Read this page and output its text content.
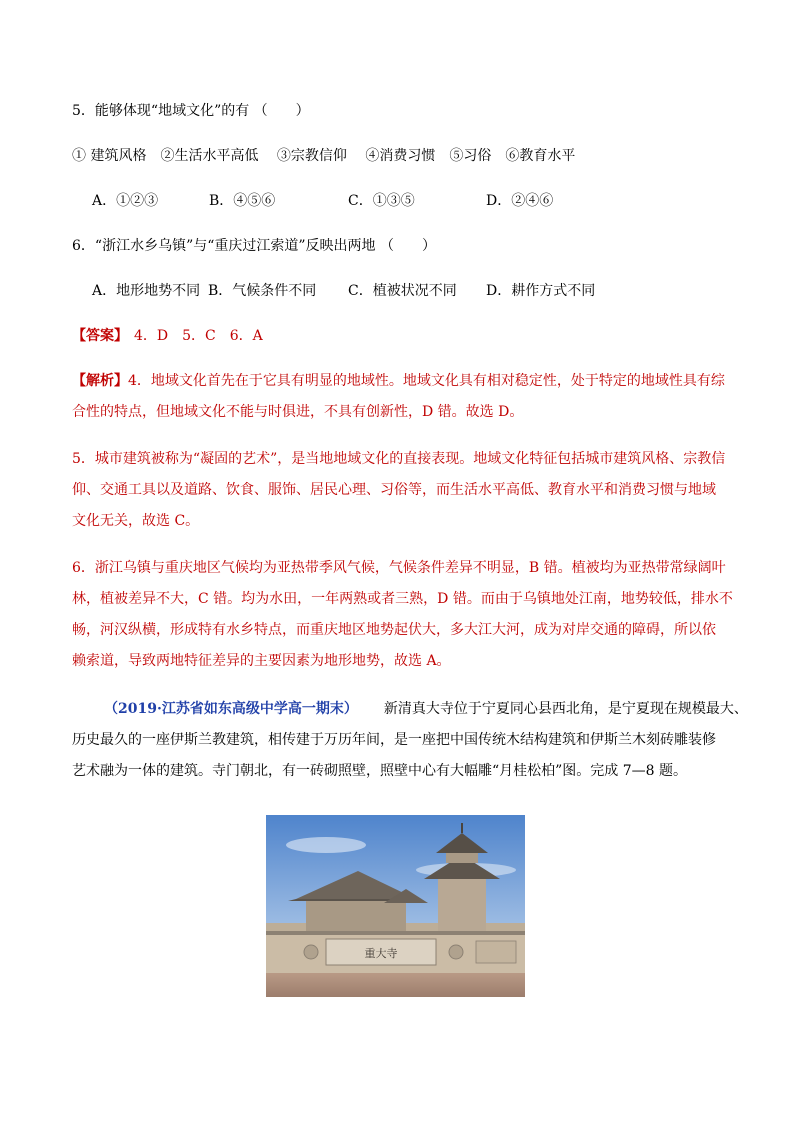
5．能够体现“地域文化”的有 （　　）
① 建筑风格　②生活水平高低　 ③宗教信仰　 ④消费习惯　⑤习俗　⑥教育水平
A．①②③	B．④⑤⑥	C．①③⑤	D．②④⑥
6．“浙江水乡乌镇”与“重庆过江索道”反映出两地 （　　）
A．地形地势不同 B．气候条件不同 C．植被状况不同 D．耕作方式不同
【答案】 4．D　5．C　6．A
【解析】4．地域文化首先在于它具有明显的地域性。地域文化具有相对稳定性，处于特定的地域性具有综
合性的特点，但地域文化不能与时俱进，不具有创新性，D 错。故选 D。
5．城市建筑被称为“凝固的艺术”，是当地地域文化的直接表现。地域文化特征包括城市建筑风格、宗教信
仰、交通工具以及道路、饮食、服饰、居民心理、习俗等，而生活水平高低、教育水平和消费习惯与地域
文化无关，故选 C。
6．浙江乌镇与重庆地区气候均为亚热带季风气候，气候条件差异不明显，B 错。植被均为亚热带常绿阔叶
林，植被差异不大，C 错。均为水田，一年两熟或者三熟，D 错。而由于乌镇地处江南，地势较低，排水不
畅，河汉纵横，形成特有水乡特点，而重庆地区地势起伏大，多大江大河，成为对岸交通的障碍，所以依
赖索道，导致两地特征差异的主要因素为地形地势，故选 A。
（2019·江苏省如东高级中学高一期末） 新清真大寺位于宁夏同心县西北角，是宁夏现在规模最大、
历史最久的一座伊斯兰教建筑，相传建于万历年间，是一座把中国传统木结构建筑和伊斯兰木刻砖雕装修
艺术融为一体的建筑。寺门朝北，有一砖砌照壁，照壁中心有大幅雕“月桂松柏”图。完成 7—8 题。
重大寺
